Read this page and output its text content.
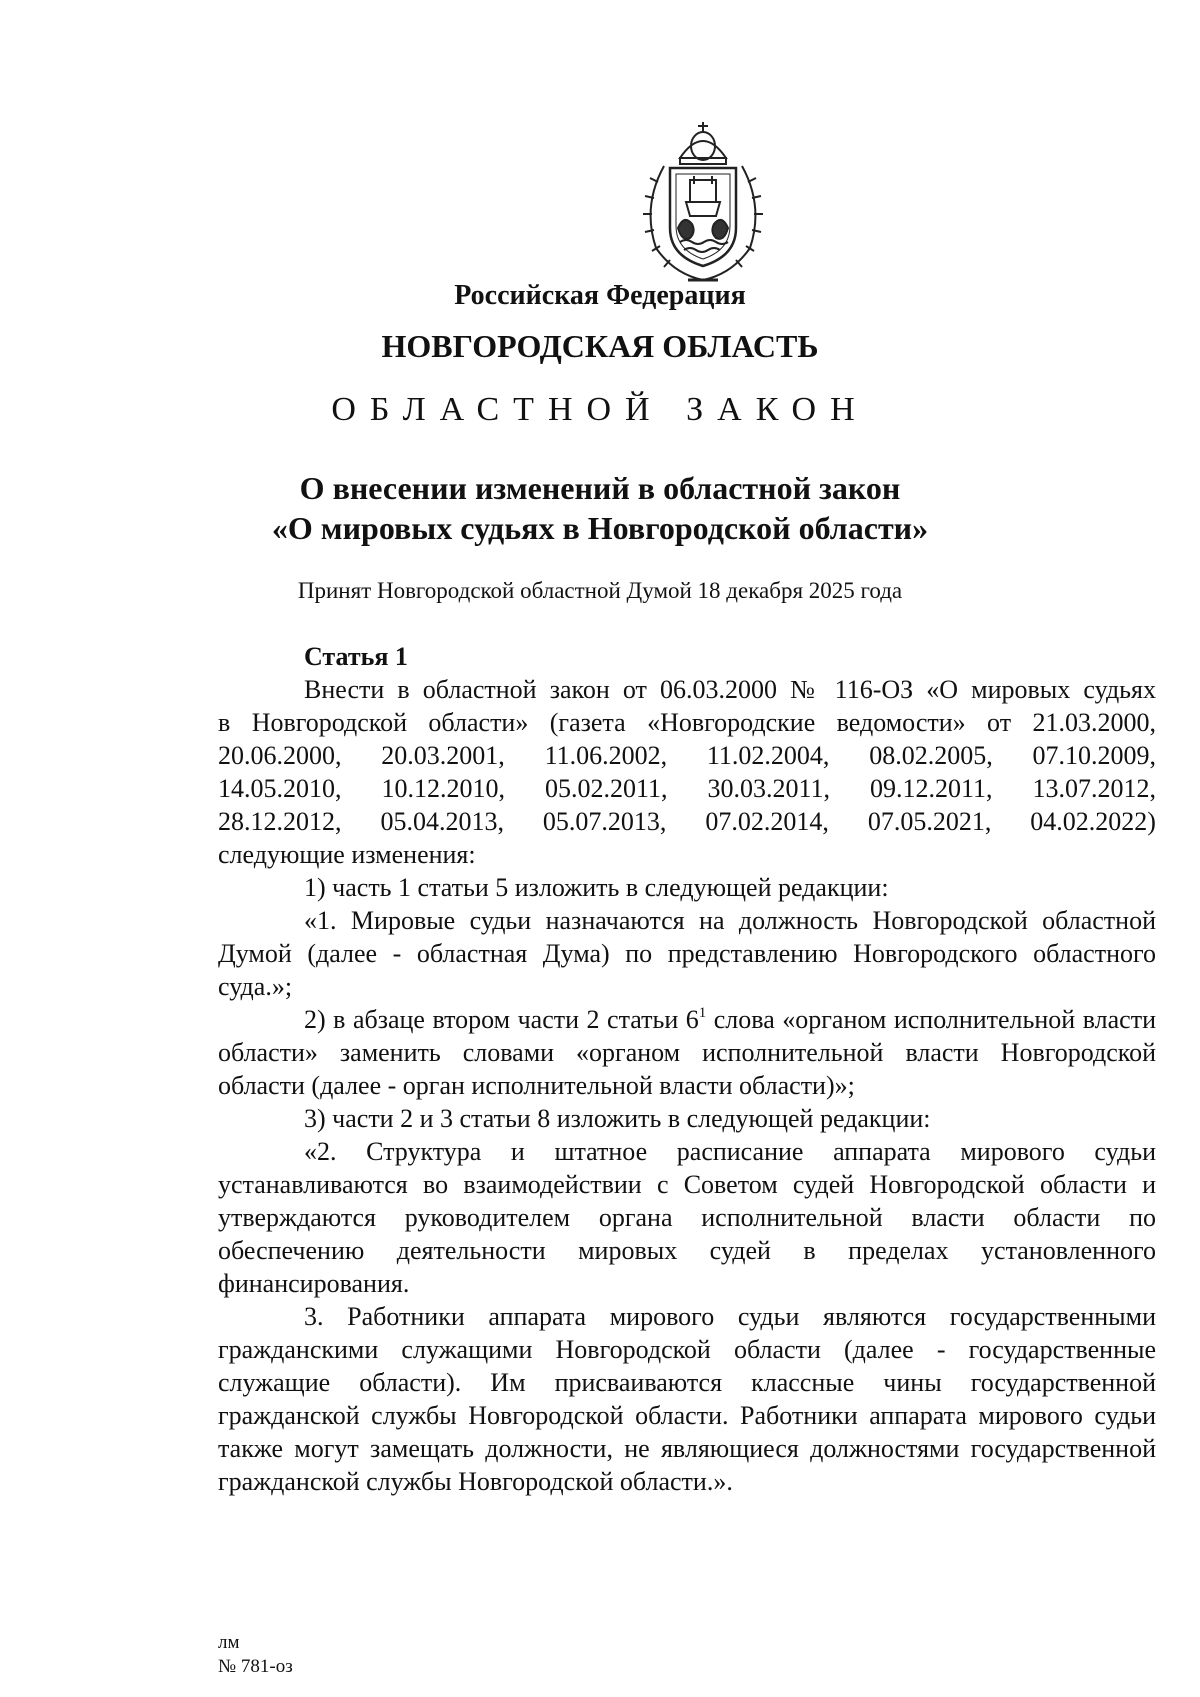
Российская Федерация
НОВГОРОДСКАЯ ОБЛАСТЬ
ОБЛАСТНОЙ ЗАКОН
О внесении изменений в областной закон
«О мировых судьях в Новгородской области»
Принят Новгородской областной Думой 18 декабря 2025 года

Статья 1

Внести в областной закон от 06.03.2000 № 116-ОЗ «О мировых судьях

в Новгородской области» (газета «Новгородские ведомости» от 21.03.2000,

20.06.2000, 20.03.2001, 11.06.2002, 11.02.2004, 08.02.2005, 07.10.2009,
14.05.2010, 10.12.2010, 05.02.2011, 30.03.2011, 09.12.2011, 13.07.2012,
28.12.2012, 05.04.2013, 05.07.2013, 07.02.2014, 07.05.2021, 04.02.2022)

следующие изменения:

1) часть 1 статьи 5 изложить в следующей редакции:

«1. Мировые судьи назначаются на должность Новгородской областной Думой (далее - областная Дума) по представлению Новгородского областного суда.»;

2) в абзаце втором части 2 статьи $6^1$ слова «органом исполнительной власти области» заменить словами «органом исполнительной власти Новгородской области (далее - орган исполнительной власти области)»;

3) части 2 и 3 статьи 8 изложить в следующей редакции:

«2. Структура и штатное расписание аппарата мирового судьи устанавливаются во взаимодействии с Советом судей Новгородской области и утверждаются руководителем органа исполнительной власти области по обеспечению деятельности мировых судей в пределах установленного финансирования.

3. Работники аппарата мирового судьи являются государственными гражданскими служащими Новгородской области (далее - государственные служащие области). Им присваиваются классные чины государственной гражданской службы Новгородской области. Работники аппарата мирового судьи также могут замещать должности, не являющиеся должностями государственной гражданской службы Новгородской области.».

лм
№ 781-оз
